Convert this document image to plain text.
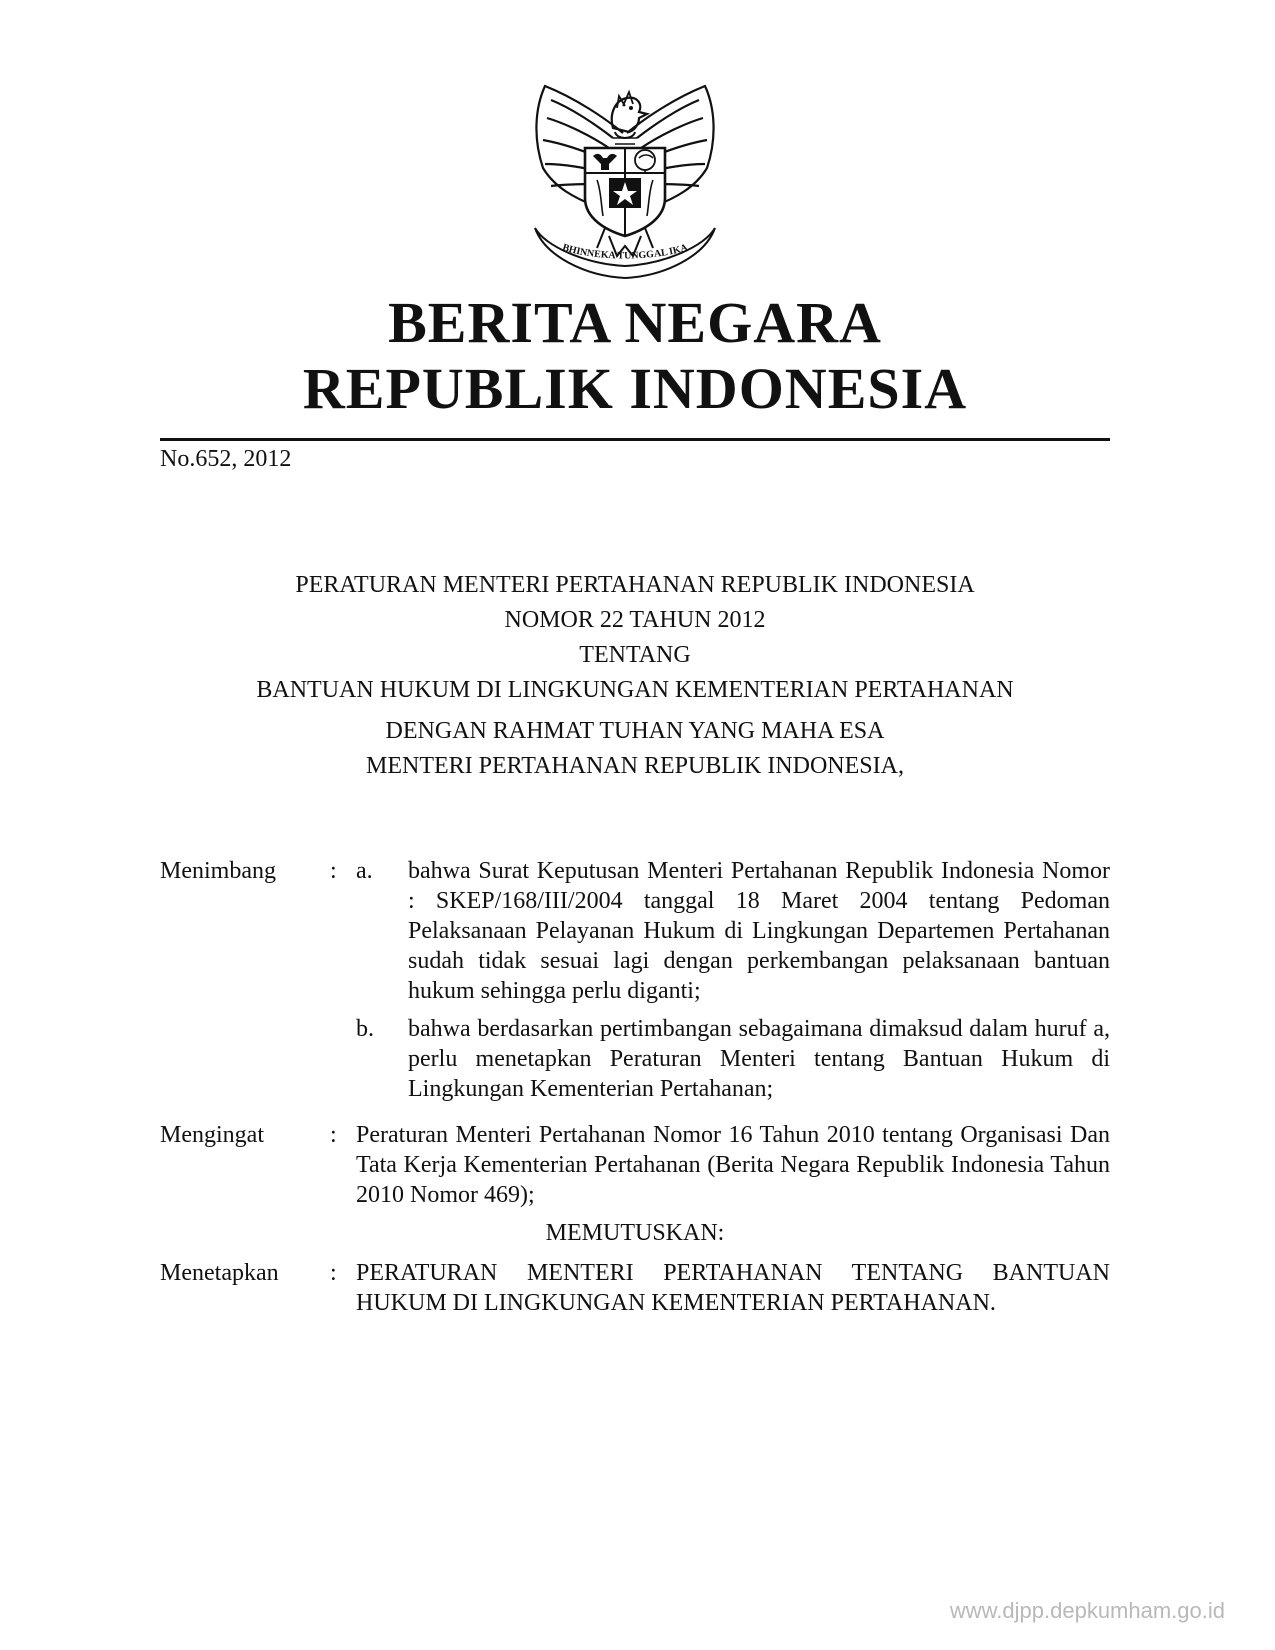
BHINNEKA TUNGGAL IKA
BERITA NEGARA
REPUBLIK INDONESIA
No.652, 2012
PERATURAN MENTERI PERTAHANAN REPUBLIK INDONESIA
NOMOR 22 TAHUN 2012
TENTANG
BANTUAN HUKUM DI LINGKUNGAN KEMENTERIAN PERTAHANAN
DENGAN RAHMAT TUHAN YANG MAHA ESA
MENTERI PERTAHANAN REPUBLIK INDONESIA,
Menimbang	: a.	bahwa Surat Keputusan Menteri Pertahanan Republik Indonesia Nomor : SKEP/168/III/2004 tanggal 18 Maret 2004 tentang Pedoman Pelaksanaan Pelayanan Hukum di Lingkungan Departemen Pertahanan sudah tidak sesuai lagi dengan perkembangan pelaksanaan bantuan hukum sehingga perlu diganti;
b.	bahwa berdasarkan pertimbangan sebagaimana dimaksud dalam huruf a, perlu menetapkan Peraturan Menteri tentang Bantuan Hukum di Lingkungan Kementerian Pertahanan;
Mengingat	: Peraturan Menteri Pertahanan Nomor 16 Tahun 2010 tentang Organisasi Dan Tata Kerja Kementerian Pertahanan (Berita Negara Republik Indonesia Tahun 2010 Nomor 469);
MEMUTUSKAN:
Menetapkan	: PERATURAN MENTERI PERTAHANAN TENTANG BANTUAN HUKUM DI LINGKUNGAN KEMENTERIAN PERTAHANAN.
www.djpp.depkumham.go.id
